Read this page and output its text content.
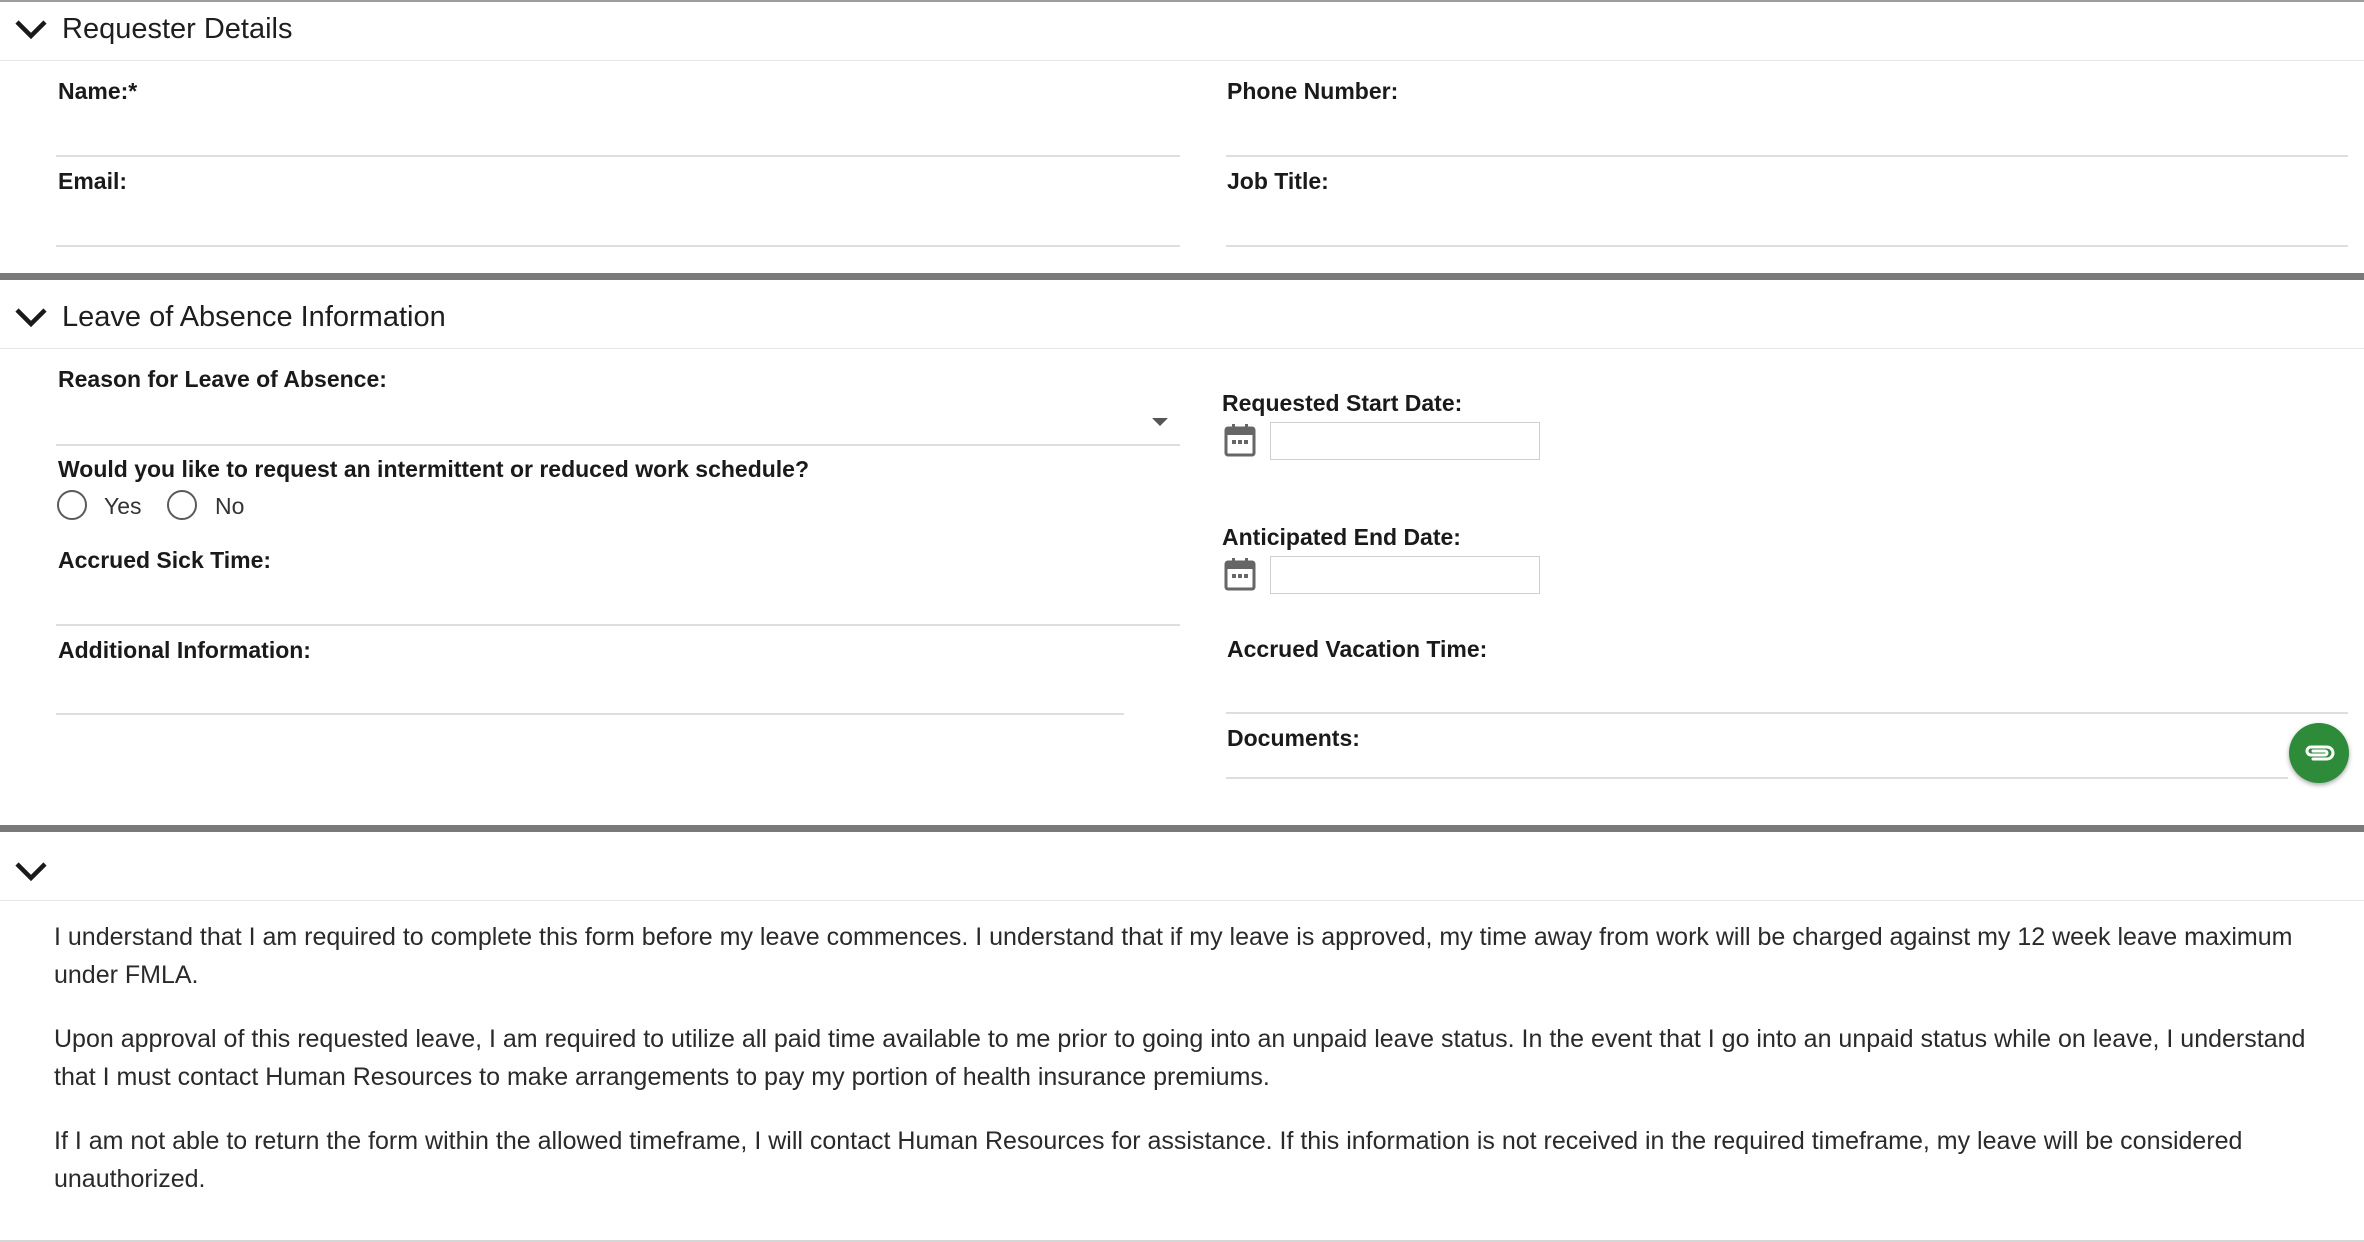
Requester Details
Name:*	Phone Number:
Email:	Job Title:
Leave of Absence Information
Reason for Leave of Absence:
Would you like to request an intermittent or reduced work schedule?
Yes	No
Accrued Sick Time:
Additional Information:
Requested Start Date:
Anticipated End Date:
Accrued Vacation Time:
Documents:

I understand that I am required to complete this form before my leave commences. I understand that if my leave is approved, my time away from work will be charged against my 12 week leave maximum under FMLA.

Upon approval of this requested leave, I am required to utilize all paid time available to me prior to going into an unpaid leave status. In the event that I go into an unpaid status while on leave, I understand that I must contact Human Resources to make arrangements to pay my portion of health insurance premiums.

If I am not able to return the form within the allowed timeframe, I will contact Human Resources for assistance. If this information is not received in the required timeframe, my leave will be considered unauthorized.
